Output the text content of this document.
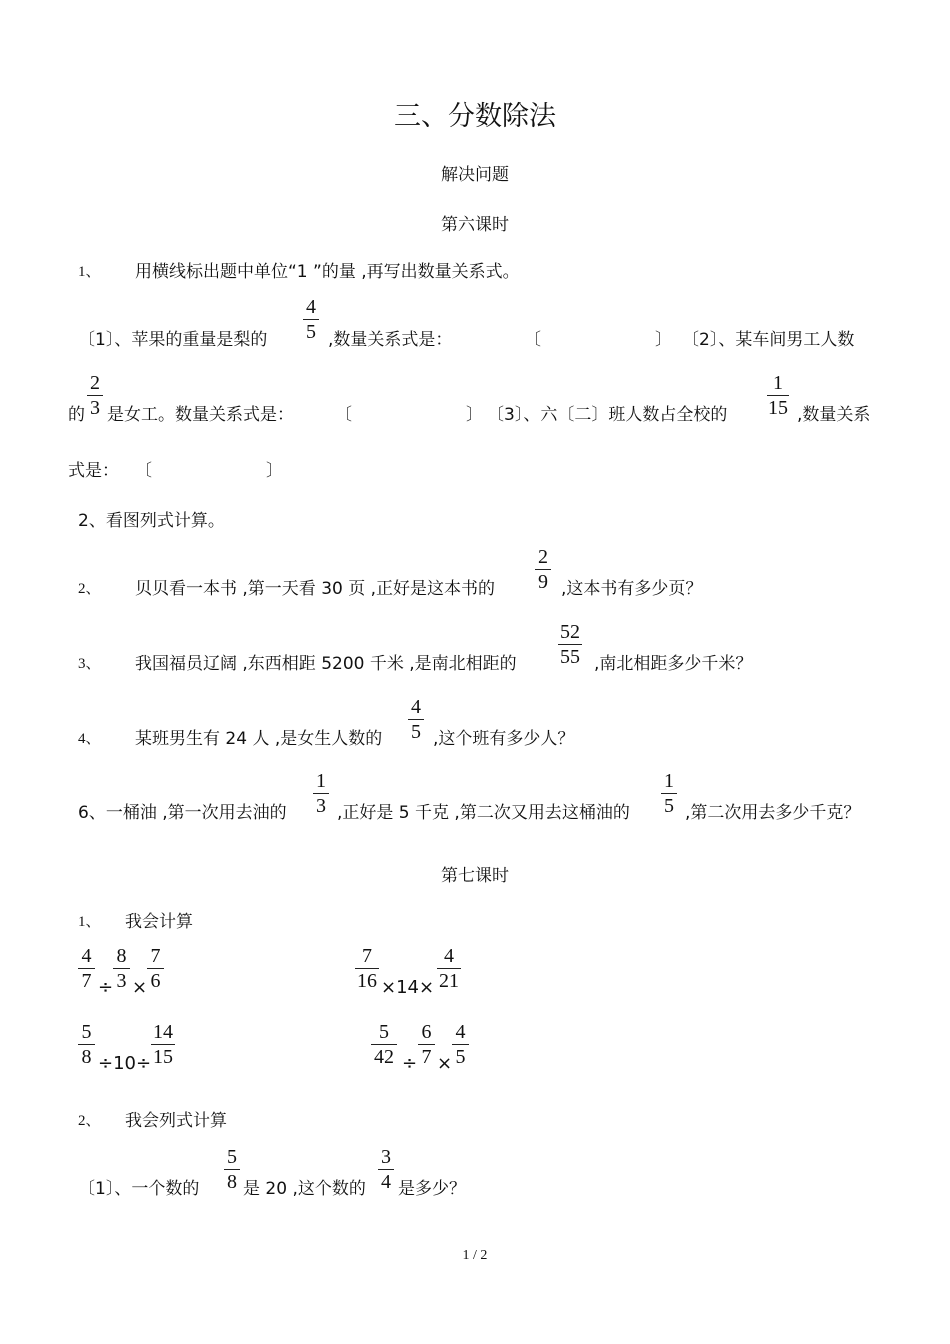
三、分数除法
解决问题
第六课时
1、 用横线标出题中单位“1 ”的量 ,再写出数量关系式。
〔1〕、苹果的重量是梨的
4
5 ,数量关系式是：	〔	〕 〔2〕、某车间男工人数
的
2
3 是女工。数量关系式是： 〔	〕 〔3〕、六〔二〕班人数占全校的
1
15 ,数量关系
式是： 〔	〕
2、看图列式计算。
2、 贝贝看一本书 ,第一天看 30 页 ,正好是这本书的
2
9 ,这本书有多少页？
3、 我国福员辽阔 ,东西相距 5200 千米 ,是南北相距的
52
55 ,南北相距多少千米？
4、 某班男生有 24 人 ,是女生人数的
4
5 ,这个班有多少人？
6、一桶油 ,第一次用去油的
1
3 ,正好是 5 千克 ,第二次又用去这桶油的
1
5 ,第二次用去多少千克？
第七课时
1、 我会计算
4
7 ÷
8
3 ×
7
6
7
16 ×14×
4
21
5
8 ÷10÷
14
15
5
42 ÷
6
7 ×
4
5
2、 我会列式计算
〔1〕、一个数的
5
8 是 20 ,这个数的
3
4 是多少？
1 / 2
